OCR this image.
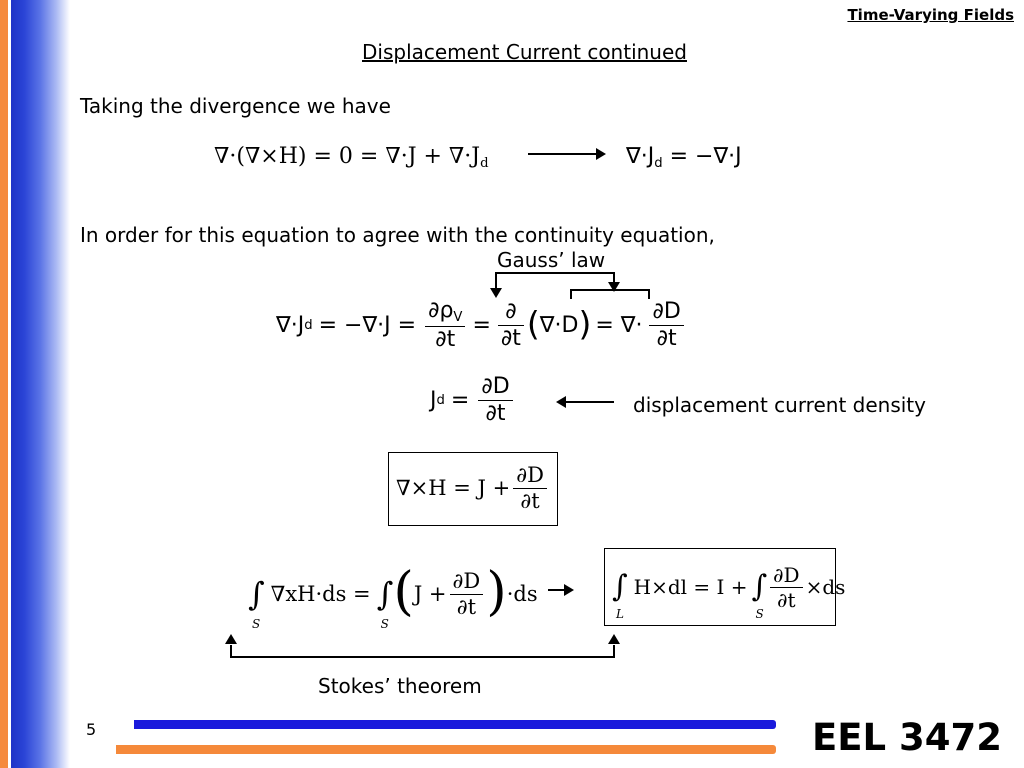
Time-Varying Fields
Displacement Current continued
Taking the divergence we have
$\nabla\cdot(\nabla\times H) = 0 = \nabla\cdot J + \nabla\cdot J_d$	$\nabla\cdot J_d = -\nabla\cdot J$
In order for this equation to agree with the continuity equation,
Gauss’ law
∇·J $d = -\nabla\cdot J = \frac{\partial\rho_V}{\partial t} = \frac{\partial}{\partial t}$ ( ∇·D ) = ∇· $\frac{\partial D}{\partial t}$
J $d = \frac{\partial D}{\partial t}$	displacement current density
$\nabla\times H = J + \frac{\partial D}{\partial t}$
∫
S
∇xH·ds = ∫
S
( $J + \frac{\partial D}{\partial t}$ ) ·ds ∫
L
H×dl = I + ∫
S
$\frac{\partial D}{\partial t} \times ds$
Stokes’ theorem
5	EEL 3472
